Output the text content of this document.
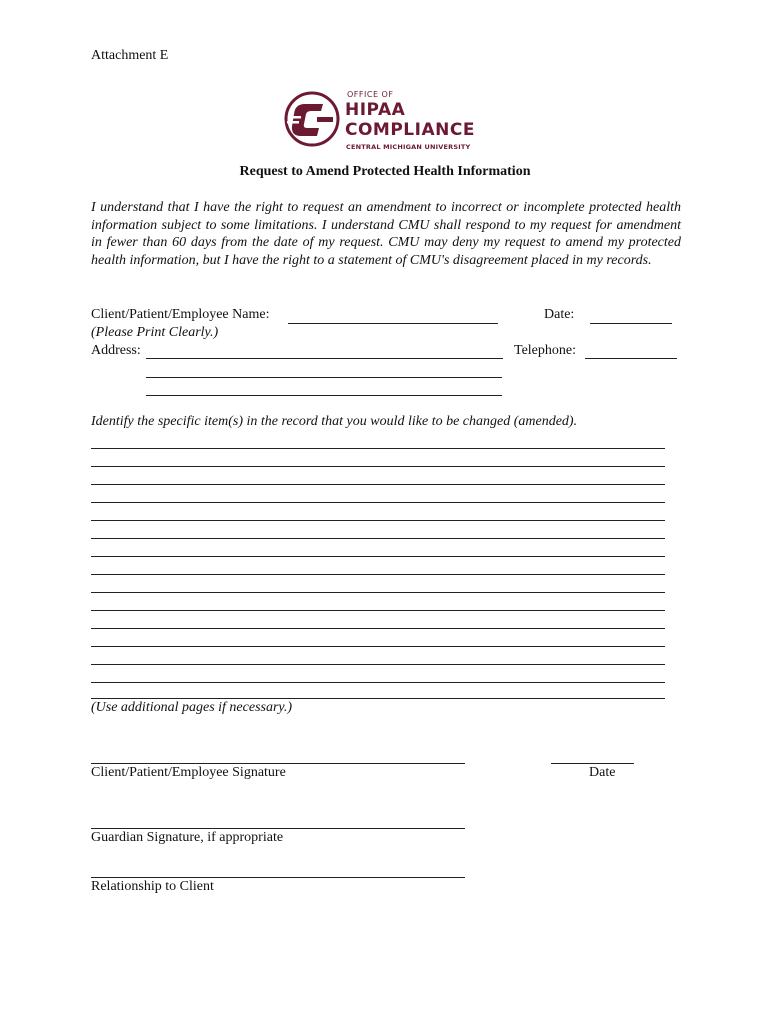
Attachment E
OFFICE OF
HIPAA
COMPLIANCE
CENTRAL MICHIGAN UNIVERSITY
Request to Amend Protected Health Information
I understand that I have the right to request an amendment to incorrect or incomplete protected health information subject to some limitations. I understand CMU shall respond to my request for amendment in fewer than 60 days from the date of my request. CMU may deny my request to amend my protected health information, but I have the right to a statement of CMU's disagreement placed in my records.
Client/Patient/Employee Name:	Date:
(Please Print Clearly.)
Address:	Telephone:
Identify the specific item(s) in the record that you would like to be changed (amended).
(Use additional pages if necessary.)
Client/Patient/Employee Signature	Date
Guardian Signature, if appropriate
Relationship to Client
